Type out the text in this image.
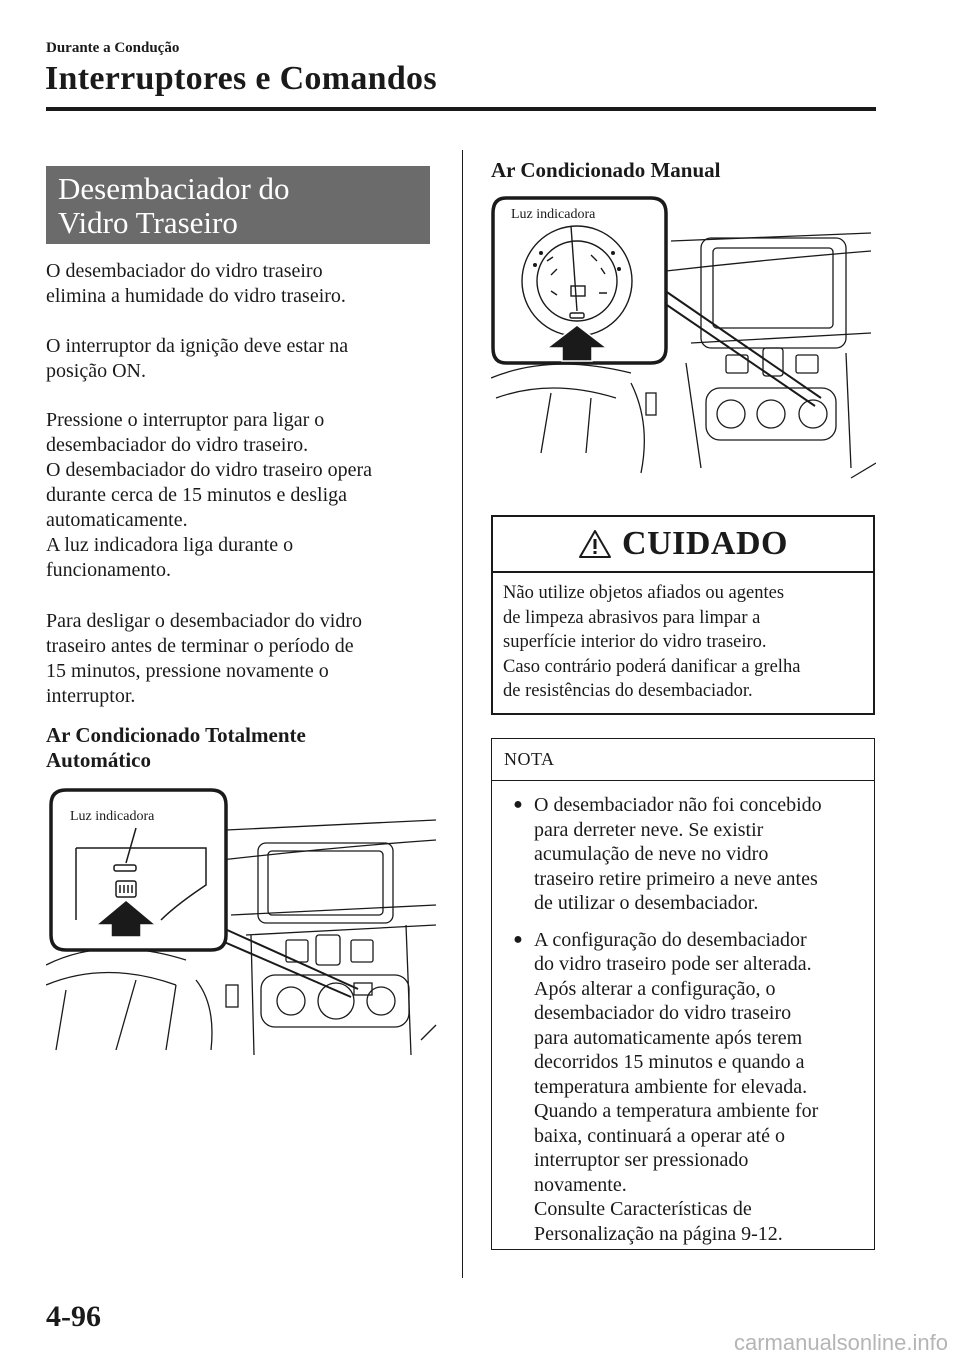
Durante a Condução
Interruptores e Comandos
Desembaciador do
Vidro Traseiro
O desembaciador do vidro traseiro
elimina a humidade do vidro traseiro.
O interruptor da ignição deve estar na
posição ON.
Pressione o interruptor para ligar o
desembaciador do vidro traseiro.
O desembaciador do vidro traseiro opera
durante cerca de 15 minutos e desliga
automaticamente.
A luz indicadora liga durante o
funcionamento.
Para desligar o desembaciador do vidro
traseiro antes de terminar o período de
15 minutos, pressione novamente o
interruptor.
Ar Condicionado Totalmente
Automático
Luz indicadora
Ar Condicionado Manual
Luz indicadora
CUIDADO
Não utilize objetos afiados ou agentes
de limpeza abrasivos para limpar a
superfície interior do vidro traseiro.
Caso contrário poderá danificar a grelha
de resistências do desembaciador.
NOTA
● O desembaciador não foi concebido
para derreter neve. Se existir
acumulação de neve no vidro
traseiro retire primeiro a neve antes
de utilizar o desembaciador.
● A configuração do desembaciador
do vidro traseiro pode ser alterada.
Após alterar a configuração, o
desembaciador do vidro traseiro
para automaticamente após terem
decorridos 15 minutos e quando a
temperatura ambiente for elevada.
Quando a temperatura ambiente for
baixa, continuará a operar até o
interruptor ser pressionado
novamente.
Consulte Características de
Personalização na página 9-12.
4-96
carmanualsonline.info
